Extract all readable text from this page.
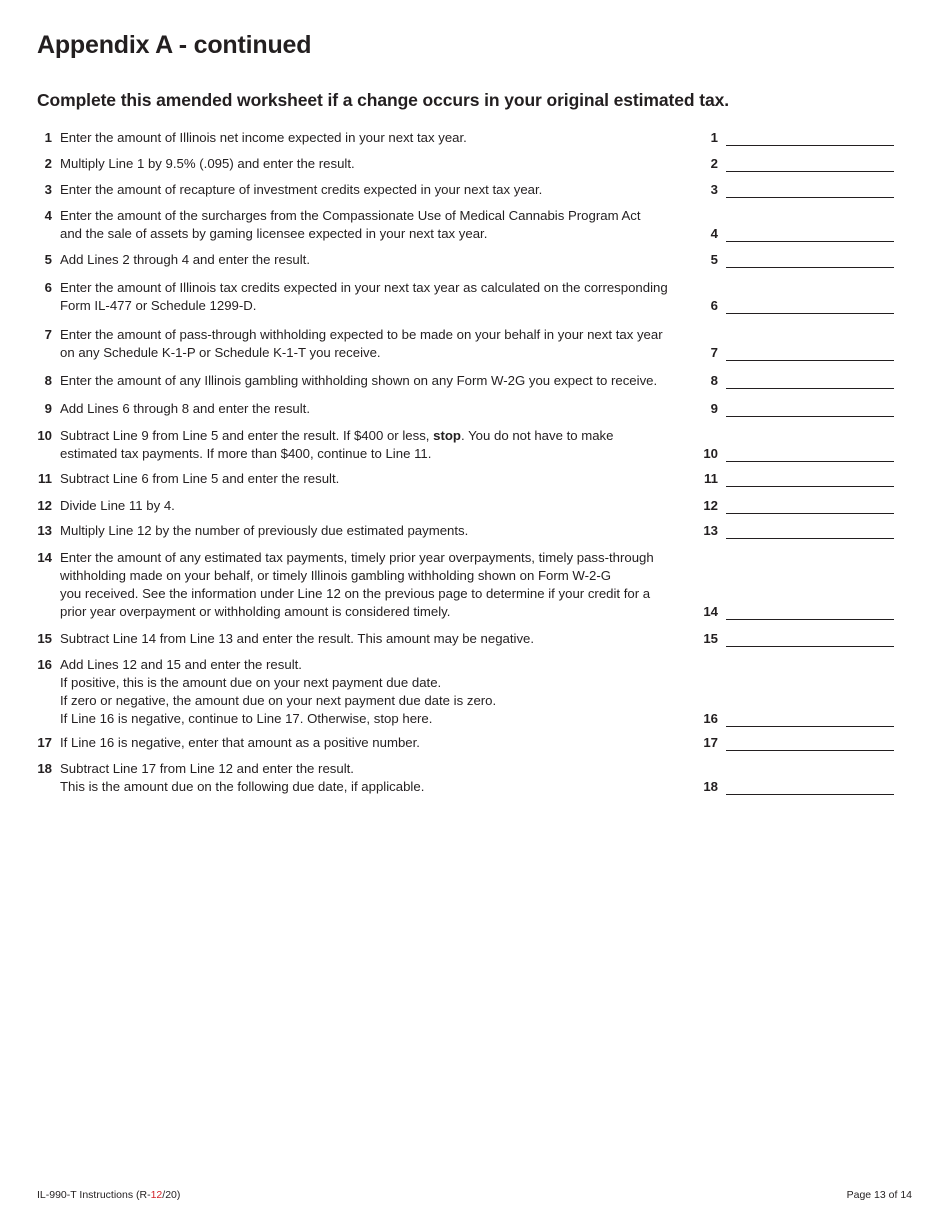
Appendix A - continued
Complete this amended worksheet if a change occurs in your original estimated tax.
1 Enter the amount of Illinois net income expected in your next tax year.	1
2 Multiply Line 1 by 9.5% (.095) and enter the result.	2
3 Enter the amount of recapture of investment credits expected in your next tax year.	3
4 Enter the amount of the surcharges from the Compassionate Use of Medical Cannabis Program Act
and the sale of assets by gaming licensee expected in your next tax year.	4
5 Add Lines 2 through 4 and enter the result.	5
6 Enter the amount of Illinois tax credits expected in your next tax year as calculated on the corresponding
Form IL-477 or Schedule 1299-D.	6
7 Enter the amount of pass-through withholding expected to be made on your behalf in your next tax year
on any Schedule K-1-P or Schedule K-1-T you receive.	7
8 Enter the amount of any Illinois gambling withholding shown on any Form W-2G you expect to receive.	8
9 Add Lines 6 through 8 and enter the result.	9
10 Subtract Line 9 from Line 5 and enter the result. If $400 or less, stop. You do not have to make
estimated tax payments. If more than $400, continue to Line 11.	10
11 Subtract Line 6 from Line 5 and enter the result.	11
12 Divide Line 11 by 4.	12
13 Multiply Line 12 by the number of previously due estimated payments.	13
14 Enter the amount of any estimated tax payments, timely prior year overpayments, timely pass-through
withholding made on your behalf, or timely Illinois gambling withholding shown on Form W-2-G
you received. See the information under Line 12 on the previous page to determine if your credit for a
prior year overpayment or withholding amount is considered timely.	14
15 Subtract Line 14 from Line 13 and enter the result. This amount may be negative.	15
16 Add Lines 12 and 15 and enter the result.
If positive, this is the amount due on your next payment due date.
If zero or negative, the amount due on your next payment due date is zero.
If Line 16 is negative, continue to Line 17. Otherwise, stop here.	16
17 If Line 16 is negative, enter that amount as a positive number.	17
18 Subtract Line 17 from Line 12 and enter the result.
This is the amount due on the following due date, if applicable.	18
IL-990-T Instructions (R-12/20)	Page 13 of 14
